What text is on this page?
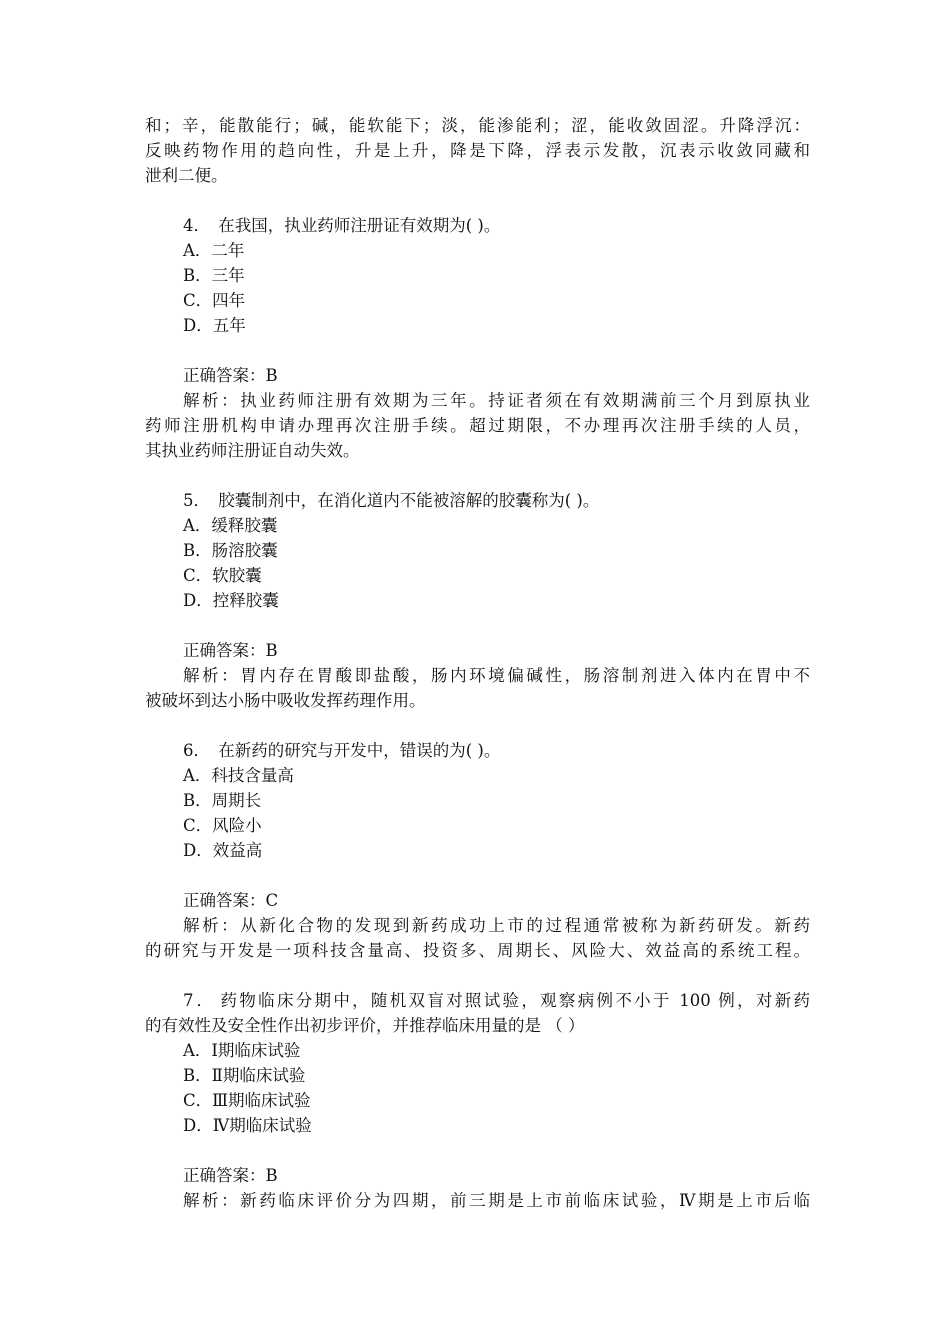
和；辛，能散能行；碱，能软能下；淡，能渗能利；涩，能收敛固涩。升降浮沉：
反映药物作用的趋向性，升是上升，降是下降，浮表示发散，沉表示收敛同藏和
泄利二便。
4． 在我国，执业药师注册证有效期为( )。
A．二年
B．三年
C．四年
D．五年
正确答案：B
解析：执业药师注册有效期为三年。持证者须在有效期满前三个月到原执业
药师注册机构申请办理再次注册手续。超过期限，不办理再次注册手续的人员，
其执业药师注册证自动失效。
5． 胶囊制剂中，在消化道内不能被溶解的胶囊称为( )。
A．缓释胶囊
B．肠溶胶囊
C．软胶囊
D．控释胶囊
正确答案：B
解析：胃内存在胃酸即盐酸，肠内环境偏碱性，肠溶制剂进入体内在胃中不
被破坏到达小肠中吸收发挥药理作用。
6． 在新药的研究与开发中，错误的为( )。
A．科技含量高
B．周期长
C．风险小
D．效益高
正确答案：C
解析：从新化合物的发现到新药成功上市的过程通常被称为新药研发。新药
的研究与开发是一项科技含量高、投资多、周期长、风险大、效益高的系统工程。
7． 药物临床分期中，随机双盲对照试验，观察病例不小于 100 例，对新药
的有效性及安全性作出初步评价，并推荐临床用量的是 （ ）
A．Ⅰ期临床试验
B．Ⅱ期临床试验
C．Ⅲ期临床试验
D．Ⅳ期临床试验
正确答案：B
解析：新药临床评价分为四期，前三期是上市前临床试验，Ⅳ期是上市后临
